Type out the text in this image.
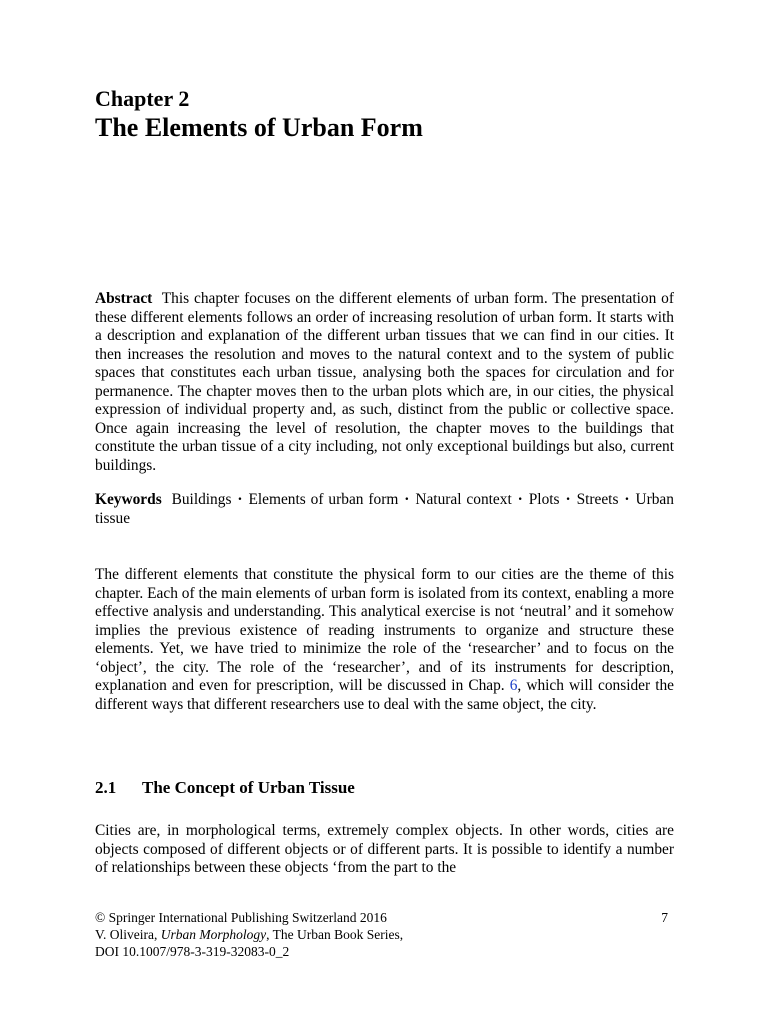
Chapter 2
The Elements of Urban Form
Abstract This chapter focuses on the different elements of urban form. The presentation of these different elements follows an order of increasing resolution of urban form. It starts with a description and explanation of the different urban tissues that we can find in our cities. It then increases the resolution and moves to the natural context and to the system of public spaces that constitutes each urban tissue, analysing both the spaces for circulation and for permanence. The chapter moves then to the urban plots which are, in our cities, the physical expression of individual property and, as such, distinct from the public or collective space. Once again increasing the level of resolution, the chapter moves to the buildings that constitute the urban tissue of a city including, not only exceptional buildings but also, current buildings.
Keywords Buildings · Elements of urban form · Natural context · Plots · Streets · Urban tissue
The different elements that constitute the physical form to our cities are the theme of this chapter. Each of the main elements of urban form is isolated from its context, enabling a more effective analysis and understanding. This analytical exercise is not ‘neutral’ and it somehow implies the previous existence of reading instruments to organize and structure these elements. Yet, we have tried to minimize the role of the ‘researcher’ and to focus on the ‘object’, the city. The role of the ‘researcher’, and of its instruments for description, explanation and even for prescription, will be discussed in Chap. 6, which will consider the different ways that different researchers use to deal with the same object, the city.
2.1 The Concept of Urban Tissue
Cities are, in morphological terms, extremely complex objects. In other words, cities are objects composed of different objects or of different parts. It is possible to identify a number of relationships between these objects ‘from the part to the
© Springer International Publishing Switzerland 2016
V. Oliveira, Urban Morphology, The Urban Book Series,
DOI 10.1007/978-3-319-32083-0_2
7
